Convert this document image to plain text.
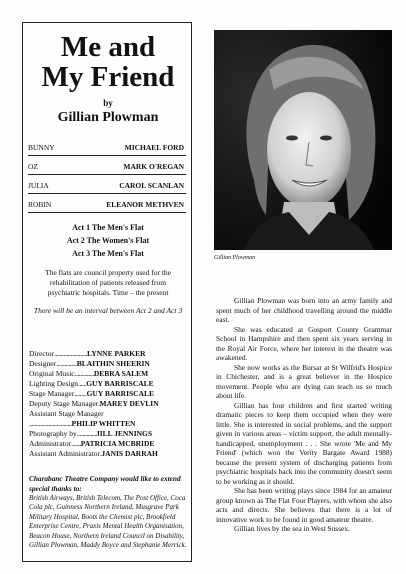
Me and
My Friend
by
Gillian Plowman
BUNNY	MICHAEL FORD
OZ	MARK O'REGAN
JULIA	CAROL SCANLAN
ROBIN	ELEANOR METHVEN
Act 1 The Men's Flat
Act 2 The Women's Flat
Act 3 The Men's Flat
The flats are council property used for the rehabilitation of patients released from psychiatric hospitals. Time – the present
There will be an interval between Act 2 and Act 3
Director........................LYNNE PARKER
Designer...............BLAITHIN SHEERIN
Original Music..............DEBRA SALEM
Lighting Design......GUY BARRISCALE
Stage Manager.........GUY BARRISCALE
Deputy Stage Manager.MAREY DEVLIN
Assistant Stage Manager
...............................PHILIP WHITTEN
Photography by..............JILL JENNINGS
Administrator.......PATRICIA MCBRIDE
Assistant Administrator.JANIS DARRAH
Charabanc Theatre Company would like to extend special thanks to:
British Airways, British Telecom, The Post Office, Coca Cola plc, Guinness Northern Ireland, Musgrave Park Military Hospital, Boots the Chemist plc, Brookfield Enterprise Centre, Praxis Mental Health Organisation, Beacon House, Northern Ireland Council on Disability, Gillian Plowman, Maddy Boyce and Stephanie Merrick.
Gillian Plowman

Gillian Plowman was born into an army family and spent much of her childhood travelling around the middle east.

She was educated at Gosport County Grammar School in Hampshire and then spent six years serving in the Royal Air Force, where her interest in the theatre was awakened.

She now works as the Bursar at St Wilfrid's Hospice in Chichester, and is a great believer in the Hospice movement. People who are dying can teach us so much about life.

Gillian has four children and first started writing dramatic pieces to keep them occupied when they were little. She is interested in social problems, and the support given in various areas – victim support, the adult mentally-handicapped, unemployment . . . She wrote 'Me and My Friend' (which won the Verity Bargate Award 1988) because the present system of discharging patients from psychiatric hospitals back into the community doesn't seem to be working as it should.

She has been writing plays since 1984 for an amateur group known as The Flat Four Players, with whom she also acts and directs. She believes that there is a lot of innovative work to be found in good amateur theatre.

Gillian lives by the sea in West Sussex.
